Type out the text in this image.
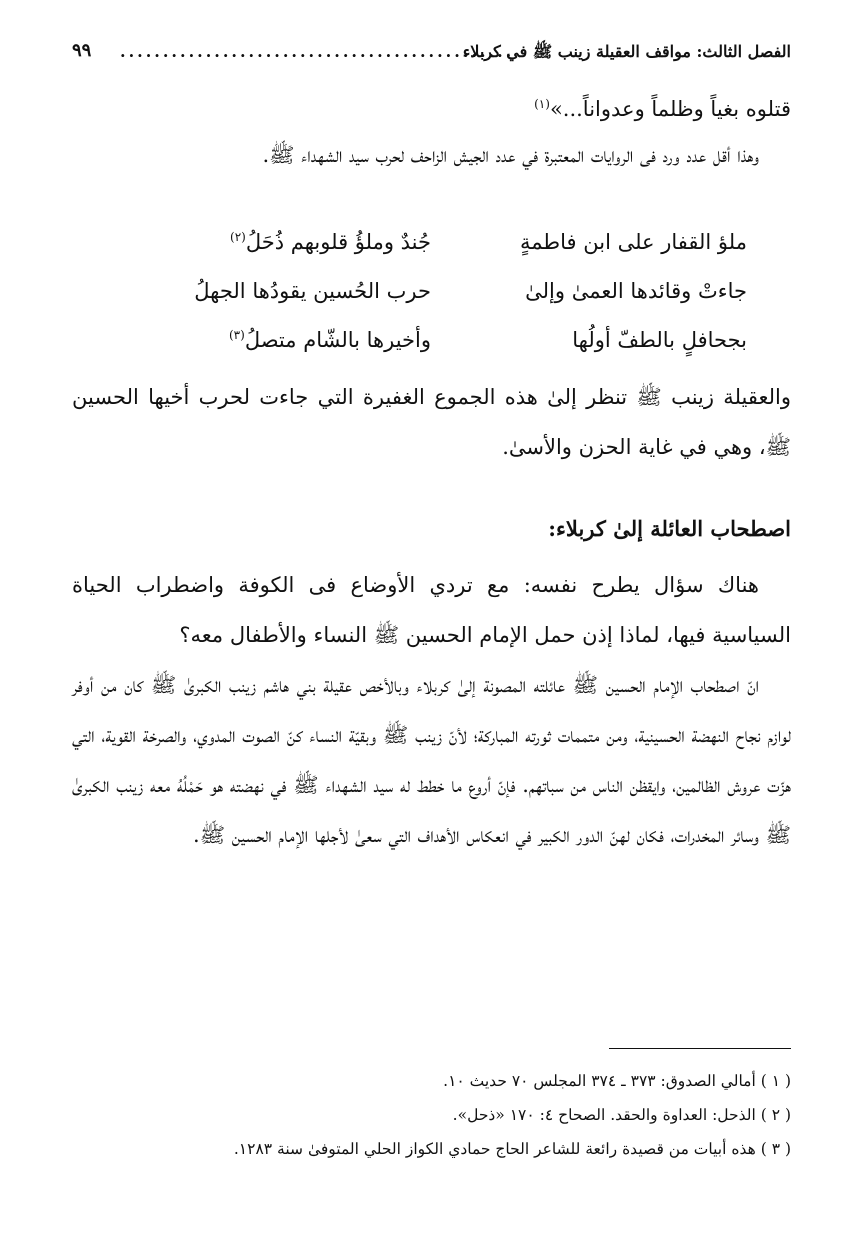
الفصل الثالث: مواقف العقيلة زينب ﷺ في كربلاء
..............................................
٩٩

قتلوه بغياً وظلماً وعدواناً...»$^{(١)}$

وهذا أقل عدد ورد فى الروايات المعتبرة في عدد الجيش الزاحف لحرب سيد الشهداء ﷺ.

ملؤ القفار على ابن فاطمةٍ
جُندٌ وملؤُ قلوبهم ذُحَلُ$^{(٢)}$
جاءتْ وقائدها العمىٰ وإلىٰ
حرب الحُسين يقودُها الجهلُ
بجحافلٍ بالطفّ أولُها
وأخيرها بالشّام متصلُ$^{(٣)}$

والعقيلة زينب ﷺ تنظر إلىٰ هذه الجموع الغفيرة التي جاءت لحرب أخيها الحسين ﷺ، وهي في غاية الحزن والأسىٰ.

اصطحاب العائلة إلىٰ كربلاء:

هناك سؤال يطرح نفسه: مع تردي الأوضاع فى الكوفة واضطراب الحياة السياسية فيها، لماذا إذن حمل الإمام الحسين ﷺ النساء والأطفال معه؟

انّ اصطحاب الإمام الحسين ﷺ عائلته المصونة إلىٰ كربلاء وبالأخص عقيلة بني هاشم زينب الكبرىٰ ﷺ كان من أوفر لوازم نجاح النهضة الحسينية، ومن متممات ثورته المباركة؛ لأنّ زينب ﷺ وبقيّة النساء كنّ الصوت المدوي، والصرخة القوية، التي هزّت عروش الظالمين، وايقظن الناس من سباتهم. فإنّ أروع ما خطط له سيد الشهداء ﷺ في نهضته هو حَمْلُهُ معه زينب الكبرىٰ ﷺ وسائر المخدرات، فكان لهنّ الدور الكبير في انعكاس الأهداف التي سعىٰ لأجلها الإمام الحسين ﷺ.

( ١ ) أمالي الصدوق: ٣٧٣ ـ ٣٧٤ المجلس ٧٠ حديث ١٠.
( ٢ ) الذحل: العداوة والحقد. الصحاح ٤: ١٧٠ «ذحل».
( ٣ ) هذه أبيات من قصيدة رائعة للشاعر الحاج حمادي الكواز الحلي المتوفىٰ سنة ١٢٨٣.
